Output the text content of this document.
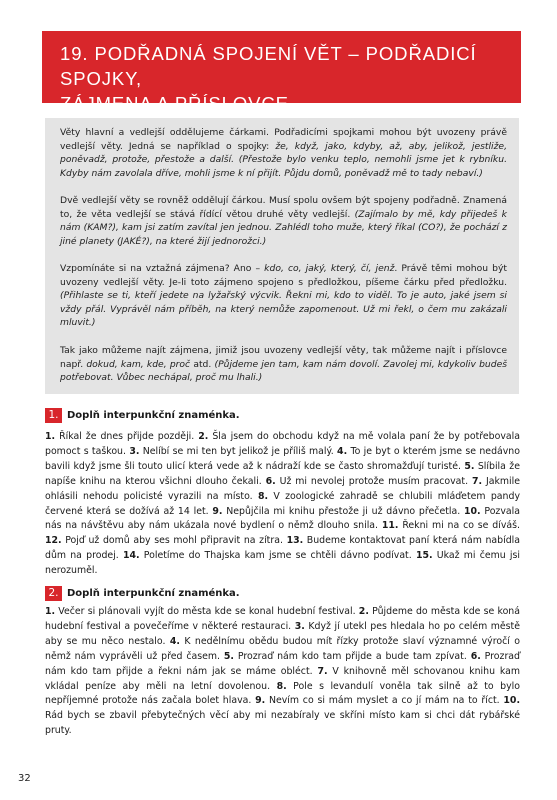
19. PODŘADNÁ SPOJENÍ VĚT – PODŘADICÍ SPOJKY,
ZÁJMENA A PŘÍSLOVCE

Věty hlavní a vedlejší oddělujeme čárkami. Podřadicími spojkami mohou být uvozeny právě vedlejší věty. Jedná se například o spojky: že, když, jako, kdyby, až, aby, jelikož, jestliže, poněvadž, protože, přestože a další. (Přestože bylo venku teplo, nemohli jsme jet k rybníku. Kdyby nám zavolala dříve, mohli jsme k ní přijít. Půjdu domů, poněvadž mě to tady nebaví.)

Dvě vedlejší věty se rovněž oddělují čárkou. Musí spolu ovšem být spojeny podřadně. Znamená to, že věta vedlejší se stává řídící větou druhé věty vedlejší. (Zajímalo by mě, kdy přijedeš k nám (KAM?), kam jsi zatím zavítal jen jednou. Zahlédl toho muže, který říkal (CO?), že pochází z jiné planety (JAKÉ?), na které žijí jednorožci.)

Vzpomínáte si na vztažná zájmena? Ano – kdo, co, jaký, který, čí, jenž. Právě těmi mohou být uvozeny vedlejší věty. Je-li toto zájmeno spojeno s předložkou, píšeme čárku před předložku. (Přihlaste se ti, kteří jedete na lyžařský výcvik. Řekni mi, kdo to viděl. To je auto, jaké jsem si vždy přál. Vyprávěl nám příběh, na který nemůže zapomenout. Už mi řekl, o čem mu zakázali mluvit.)

Tak jako můžeme najít zájmena, jimiž jsou uvozeny vedlejší věty, tak můžeme najít i příslovce např. dokud, kam, kde, proč atd. (Půjdeme jen tam, kam nám dovolí. Zavolej mi, kdykoliv budeš potřebovat. Vůbec nechápal, proč mu lhali.)

1. Doplň interpunkční znaménka.

1. Říkal že dnes přijde později. 2. Šla jsem do obchodu když na mě volala paní že by potřebovala pomoct s taškou. 3. Nelíbí se mi ten byt jelikož je příliš malý. 4. To je byt o kterém jsme se nedávno bavili když jsme šli touto ulicí která vede až k nádraží kde se často shromažďují turisté. 5. Slíbila že napíše knihu na kterou všichni dlouho čekali. 6. Už mi nevolej protože musím pracovat. 7. Jakmile ohlásili nehodu policisté vyrazili na místo. 8. V zoologické zahradě se chlubili mláďetem pandy červené která se dožívá až 14 let. 9. Nepůjčila mi knihu přestože ji už dávno přečetla. 10. Pozvala nás na návštěvu aby nám ukázala nové bydlení o němž dlouho snila. 11. Řekni mi na co se díváš. 12. Pojď už domů aby ses mohl připravit na zítra. 13. Budeme kontaktovat paní která nám nabídla dům na prodej. 14. Poletíme do Thajska kam jsme se chtěli dávno podívat. 15. Ukaž mi čemu jsi nerozuměl.

2. Doplň interpunkční znaménka.

1. Večer si plánovali vyjít do města kde se konal hudební festival. 2. Půjdeme do města kde se koná hudební festival a povečeříme v některé restauraci. 3. Když jí utekl pes hledala ho po celém městě aby se mu něco nestalo. 4. K nedělnímu obědu budou mít řízky protože slaví významné výročí o němž nám vyprávěli už před časem. 5. Prozraď nám kdo tam přijde a bude tam zpívat. 6. Prozraď nám kdo tam přijde a řekni nám jak se máme obléct. 7. V knihovně měl schovanou knihu kam vkládal peníze aby měli na letní dovolenou. 8. Pole s levandulí voněla tak silně až to bylo nepříjemné protože nás začala bolet hlava. 9. Nevím co si mám myslet a co jí mám na to říct. 10. Rád bych se zbavil přebytečných věcí aby mi nezabíraly ve skříni místo kam si chci dát rybářské pruty.

32
